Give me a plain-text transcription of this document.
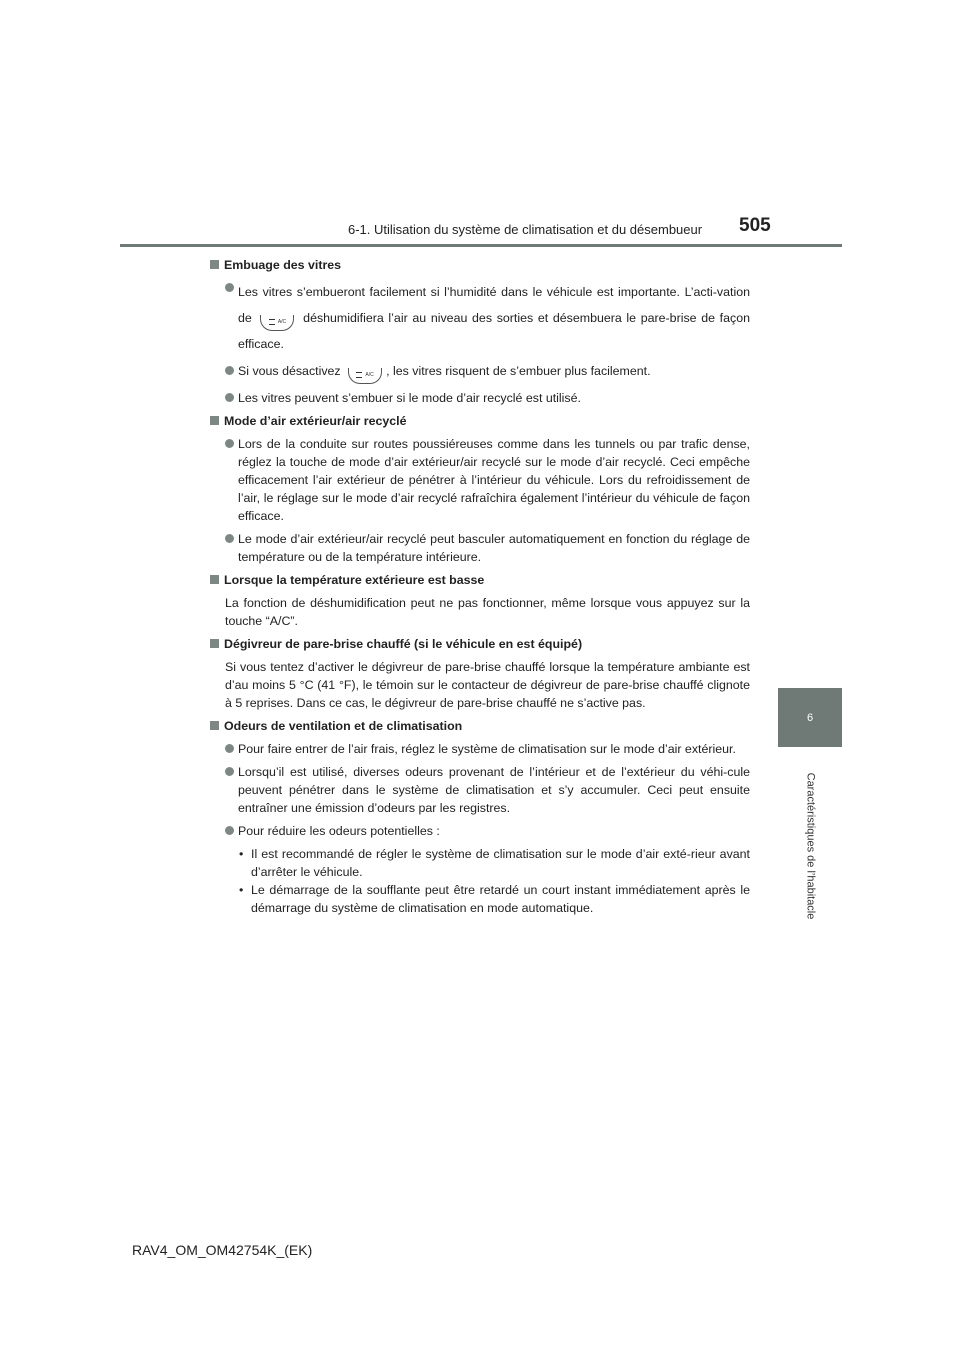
6-1. Utilisation du système de climatisation et du désembueur 505
6
Caractéristiques de l’habitacle
Embuage des vitres
Les vitres s’embueront facilement si l’humidité dans le véhicule est importante. L’acti-vation de	A/C déshumidifiera l’air au niveau des sorties et désembuera le pare-brise de façon efficace.
Si vous désactivez	A/C , les vitres risquent de s’embuer plus facilement.
Les vitres peuvent s’embuer si le mode d’air recyclé est utilisé.
Mode d’air extérieur/air recyclé
Lors de la conduite sur routes poussiéreuses comme dans les tunnels ou par trafic dense, réglez la touche de mode d’air extérieur/air recyclé sur le mode d’air recyclé. Ceci empêche efficacement l’air extérieur de pénétrer à l’intérieur du véhicule. Lors du refroidissement de l’air, le réglage sur le mode d’air recyclé rafraîchira également l’intérieur du véhicule de façon efficace.
Le mode d’air extérieur/air recyclé peut basculer automatiquement en fonction du réglage de température ou de la température intérieure.
Lorsque la température extérieure est basse
La fonction de déshumidification peut ne pas fonctionner, même lorsque vous appuyez sur la touche “A/C”.
Dégivreur de pare-brise chauffé (si le véhicule en est équipé)
Si vous tentez d’activer le dégivreur de pare-brise chauffé lorsque la température ambiante est d’au moins 5 °C (41 °F), le témoin sur le contacteur de dégivreur de pare-brise chauffé clignote à 5 reprises. Dans ce cas, le dégivreur de pare-brise chauffé ne s’active pas.
Odeurs de ventilation et de climatisation
Pour faire entrer de l’air frais, réglez le système de climatisation sur le mode d’air extérieur.
Lorsqu’il est utilisé, diverses odeurs provenant de l’intérieur et de l’extérieur du véhi-cule peuvent pénétrer dans le système de climatisation et s’y accumuler. Ceci peut ensuite entraîner une émission d’odeurs par les registres.
Pour réduire les odeurs potentielles :
• Il est recommandé de régler le système de climatisation sur le mode d’air exté-rieur avant d’arrêter le véhicule.
• Le démarrage de la soufflante peut être retardé un court instant immédiatement après le démarrage du système de climatisation en mode automatique.
RAV4_OM_OM42754K_(EK)
